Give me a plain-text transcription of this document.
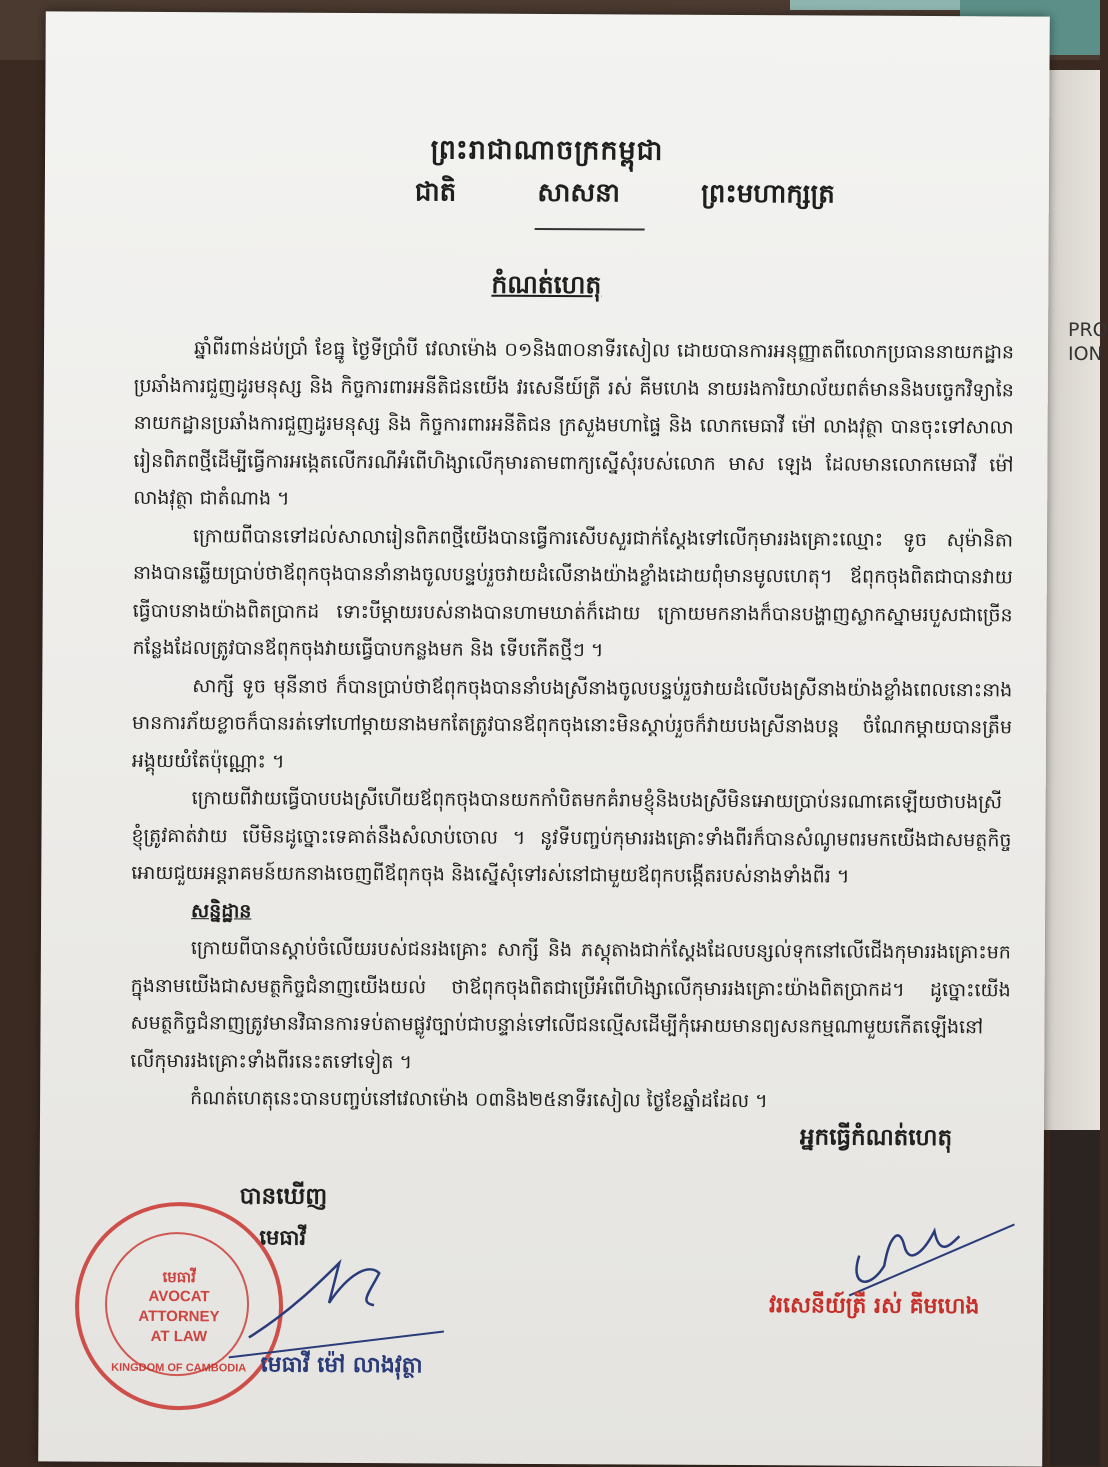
PRO
ION
ព្រះរាជាណាចក្រកម្ពុជា
ជាតិ	សាសនា	ព្រះមហាក្សត្រ
កំណត់ហេតុ

ឆ្នាំពីរពាន់ដប់ប្រាំ ខែធ្នូ ថ្ងៃទីប្រាំបី វេលាម៉ោង ០១និង៣០នាទីរសៀល ដោយបានការអនុញ្ញាតពីលោកប្រធាននាយកដ្ឋានប្រឆាំងការជួញដូរមនុស្ស និង កិច្ចការពារអនីតិជនយើង វរសេនីយ៍ត្រី រស់ គីមហេង នាយរងការិយាល័យពត៌មាននិងបច្ចេកវិទ្យានៃនាយកដ្ឋានប្រឆាំងការជួញដូរមនុស្ស និង កិច្ចការពារអនីតិជន ក្រសួងមហាផ្ទៃ និង លោកមេធាវី ម៉ៅ លាងវុត្ថា បានចុះទៅសាលារៀនពិភពថ្មីដើម្បីធ្វើការអង្កេតលើករណីអំពើហិង្សាលើកុមារតាមពាក្យស្នើសុំរបស់លោក មាស ឡេង ដែលមានលោកមេធាវី ម៉ៅ លាងវុត្ថា ជាតំណាង ។

ក្រោយពីបានទៅដល់សាលារៀនពិភពថ្មីយើងបានធ្វើការសើបសួរជាក់ស្តែងទៅលើកុមាររងគ្រោះឈ្មោះ ទូច សុម៉ានិតា នាងបានឆ្លើយប្រាប់ថាឪពុកចុងបាននាំនាងចូលបន្ទប់រួចវាយដំលើនាងយ៉ាងខ្លាំងដោយពុំមានមូលហេតុ។ ឪពុកចុងពិតជាបានវាយធ្វើបាបនាងយ៉ាងពិតប្រាកដ ទោះបីម្តាយរបស់នាងបានហាមឃាត់ក៏ដោយ ក្រោយមកនាងក៏បានបង្ហាញស្លាកស្នាមរបួសជាច្រើនកន្លែងដែលត្រូវបានឪពុកចុងវាយធ្វើបាបកន្លងមក និង ទើបកើតថ្មីៗ ។

សាក្សី ទូច មុនីនាថ ក៏បានប្រាប់ថាឪពុកចុងបាននាំបងស្រីនាងចូលបន្ទប់រួចវាយដំលើបងស្រីនាងយ៉ាងខ្លាំងពេលនោះនាងមានការភ័យខ្លាចក៏បានរត់ទៅហៅម្តាយនាងមកតែត្រូវបានឪពុកចុងនោះមិនស្តាប់រួចក៏វាយបងស្រីនាងបន្ត ចំណែកម្តាយបានត្រឹមអង្គុយយំតែប៉ុណ្ណោះ ។

ក្រោយពីវាយធ្វើបាបបងស្រីហើយឪពុកចុងបានយកកាំបិតមកគំរាមខ្ញុំនិងបងស្រីមិនអោយប្រាប់នរណាគេឡើយថាបងស្រីខ្ញុំត្រូវគាត់វាយ បើមិនដូច្នោះទេគាត់នឹងសំលាប់ចោល ។ នូវទីបញ្ចប់កុមាររងគ្រោះទាំងពីរក៏បានសំណូមពរមកយើងជាសមត្ថកិច្ចអោយជួយអន្តរាគមន៍យកនាងចេញពីឪពុកចុង និងស្នើសុំទៅរស់នៅជាមួយឪពុកបង្កើតរបស់នាងទាំងពីរ ។

សន្និដ្ឋាន

ក្រោយពីបានស្តាប់ចំលើយរបស់ជនរងគ្រោះ សាក្សី និង ភស្តុតាងជាក់ស្តែងដែលបន្សល់ទុកនៅលើជើងកុមាររងគ្រោះមក ក្នុងនាមយើងជាសមត្ថកិច្ចជំនាញយើងយល់ ថាឪពុកចុងពិតជាប្រើអំពើហិង្សាលើកុមាររងគ្រោះយ៉ាងពិតប្រាកដ។ ដូច្នោះយើងសមត្ថកិច្ចជំនាញត្រូវមានវិធានការទប់តាមផ្លូវច្បាប់ជាបន្ទាន់ទៅលើជនល្មើសដើម្បីកុំអោយមានព្យសនកម្មណាមួយកើតឡើងនៅលើកុមាររងគ្រោះទាំងពីរនេះតទៅទៀត ។

កំណត់ហេតុនេះបានបញ្ចប់នៅវេលាម៉ោង ០៣និង២៥នាទីរសៀល ថ្ងៃខែឆ្នាំដដែល ។

អ្នកធ្វើកំណត់ហេតុ
បានឃើញ
មេធាវី
មេធាវី
AVOCAT
ATTORNEY
AT LAW
KINGDOM OF CAMBODIA មេធាវី ម៉ៅ លាងវុត្ថា
វរសេនីយ៍ត្រី រស់ គីមហេង
